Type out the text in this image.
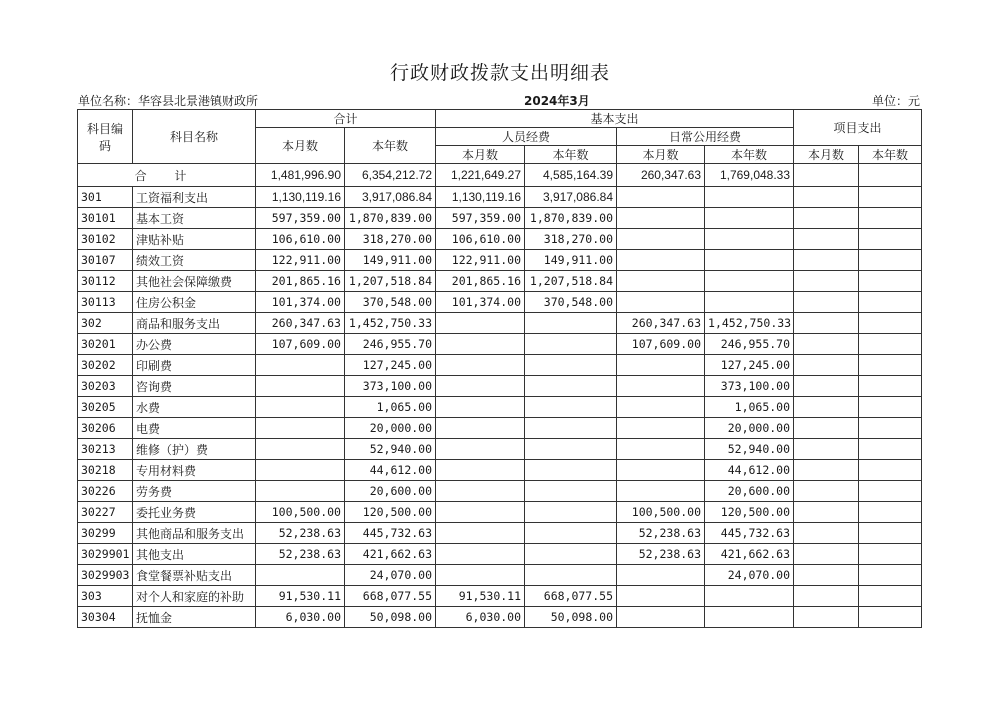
行政财政拨款支出明细表
单位名称：华容县北景港镇财政所	2024年3月	单位：元
科目编码	科目名称	合计		基本支出				项目支出	
		本月数	本年数	人员经费		日常公用经费			
				本月数	本年数	本月数	本年数	本月数	本年数
合 计		1,481,996.90	6,354,212.72	1,221,649.27	4,585,164.39	260,347.63	1,769,048.33		
301	工资福利支出	1,130,119.16	3,917,086.84	1,130,119.16	3,917,086.84				
30101	基本工资	597,359.00	1,870,839.00	597,359.00	1,870,839.00				
30102	津贴补贴	106,610.00	318,270.00	106,610.00	318,270.00				
30107	绩效工资	122,911.00	149,911.00	122,911.00	149,911.00				
30112	其他社会保障缴费	201,865.16	1,207,518.84	201,865.16	1,207,518.84				
30113	住房公积金	101,374.00	370,548.00	101,374.00	370,548.00				
302	商品和服务支出	260,347.63	1,452,750.33			260,347.63	1,452,750.33		
30201	办公费	107,609.00	246,955.70			107,609.00	246,955.70		
30202	印刷费		127,245.00				127,245.00		
30203	咨询费		373,100.00				373,100.00		
30205	水费		1,065.00				1,065.00		
30206	电费		20,000.00				20,000.00		
30213	维修（护）费		52,940.00				52,940.00		
30218	专用材料费		44,612.00				44,612.00		
30226	劳务费		20,600.00				20,600.00		
30227	委托业务费	100,500.00	120,500.00			100,500.00	120,500.00		
30299	其他商品和服务支出	52,238.63	445,732.63			52,238.63	445,732.63		
3029901	其他支出	52,238.63	421,662.63			52,238.63	421,662.63		
3029903	食堂餐票补贴支出		24,070.00				24,070.00		
303	对个人和家庭的补助	91,530.11	668,077.55	91,530.11	668,077.55				
30304	抚恤金	6,030.00	50,098.00	6,030.00	50,098.00				
